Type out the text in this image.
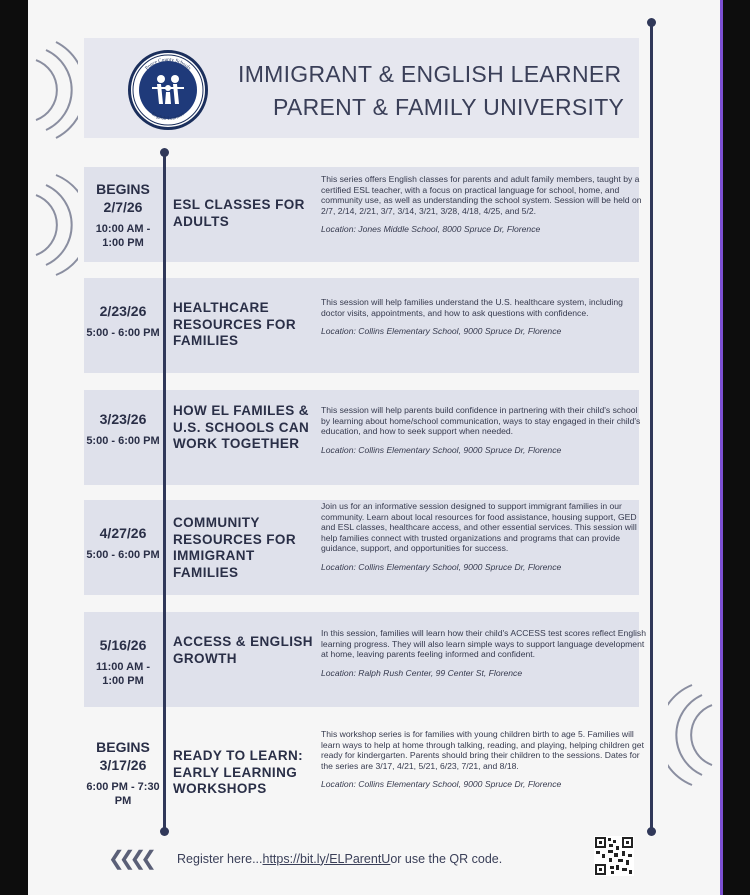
Ponce County Schools
English Learners
IMMIGRANT & ENGLISH LEARNER
PARENT & FAMILY UNIVERSITY
BEGINS 2/7/26
10:00 AM - 1:00 PM
ESL CLASSES FOR ADULTS
This series offers English classes for parents and adult family members, taught by a certified ESL teacher, with a focus on practical language for school, home, and community use, as well as understanding the school system. Session will be held on 2/7, 2/14, 2/21, 3/7, 3/14, 3/21, 3/28, 4/18, 4/25, and 5/2.
Location: Jones Middle School, 8000 Spruce Dr, Florence
2/23/26
5:00 - 6:00 PM
HEALTHCARE RESOURCES FOR FAMILIES
This session will help families understand the U.S. healthcare system, including doctor visits, appointments, and how to ask questions with confidence.
Location: Collins Elementary School, 9000 Spruce Dr, Florence
3/23/26
5:00 - 6:00 PM
HOW EL FAMILES & U.S. SCHOOLS CAN WORK TOGETHER
This session will help parents build confidence in partnering with their child's school by learning about home/school communication, ways to stay engaged in their child's education, and how to seek support when needed.
Location: Collins Elementary School, 9000 Spruce Dr, Florence
4/27/26
5:00 - 6:00 PM
COMMUNITY RESOURCES FOR IMMIGRANT FAMILIES
Join us for an informative session designed to support immigrant families in our community. Learn about local resources for food assistance, housing support, GED and ESL classes, healthcare access, and other essential services. This session will help families connect with trusted organizations and programs that can provide guidance, support, and opportunities for success.
Location: Collins Elementary School, 9000 Spruce Dr, Florence
5/16/26
11:00 AM - 1:00 PM
ACCESS & ENGLISH GROWTH
In this session, families will learn how their child's ACCESS test scores reflect English learning progress. They will also learn simple ways to support language development at home, leaving parents feeling informed and confident.
Location: Ralph Rush Center, 99 Center St, Florence
BEGINS 3/17/26
6:00 PM - 7:30 PM
READY TO LEARN: EARLY LEARNING WORKSHOPS
This workshop series is for families with young children birth to age 5. Families will learn ways to help at home through talking, reading, and playing, helping children get ready for kindergarten. Parents should bring their children to the sessions. Dates for the series are 3/17, 4/21, 5/21, 6/23, 7/21, and 8/18.
Location: Collins Elementary School, 9000 Spruce Dr, Florence
❮❮❮❮ Register here... https://bit.ly/ELParentU or use the QR code.
